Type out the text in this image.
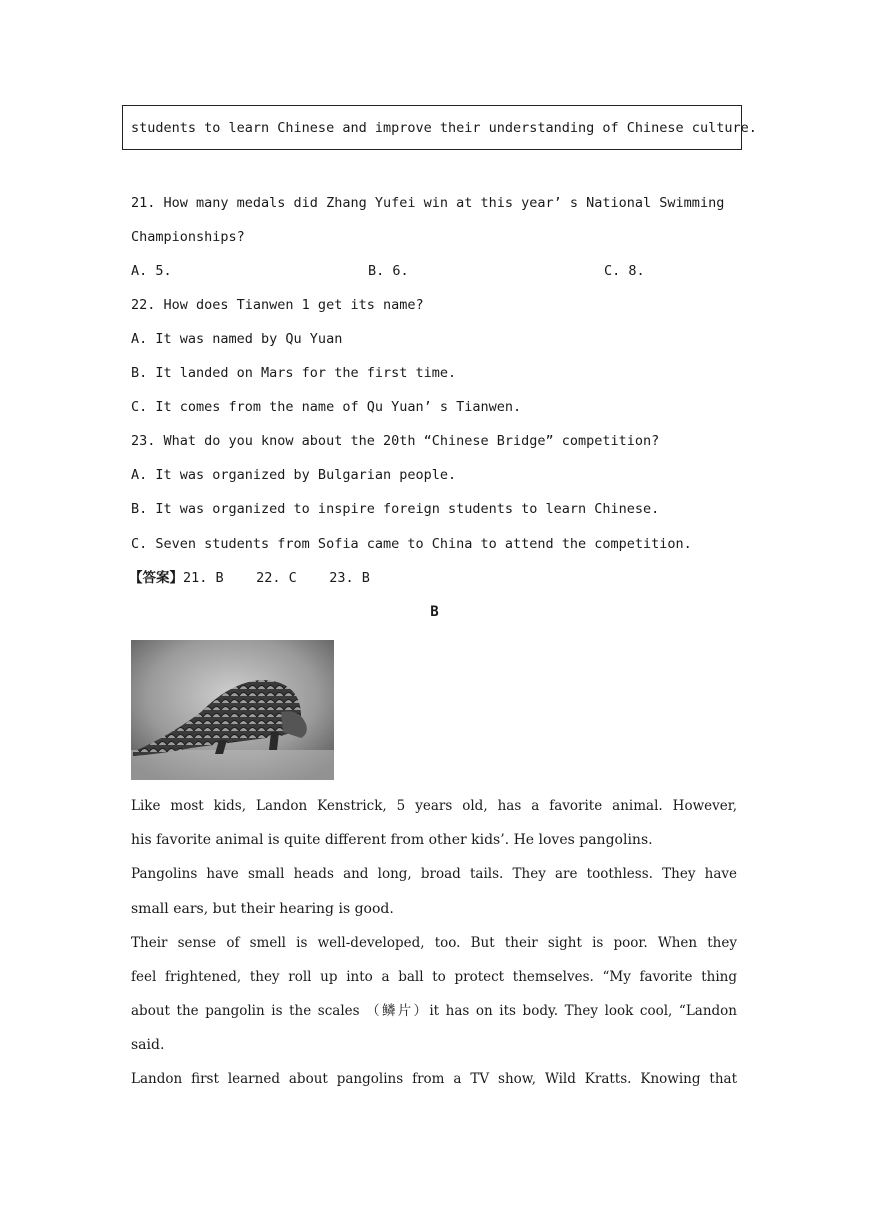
students to learn Chinese and improve their understanding of Chinese culture.
21. How many medals did Zhang Yufei win at this year’ s National Swimming
Championships?
A. 5.	B. 6.	C. 8.
22. How does Tianwen 1 get its name?
A. It was named by Qu Yuan
B. It landed on Mars for the first time.
C. It comes from the name of Qu Yuan’ s Tianwen.
23. What do you know about the 20th “Chinese Bridge” competition?
A. It was organized by Bulgarian people.
B. It was organized to inspire foreign students to learn Chinese.
C. Seven students from Sofia came to China to attend the competition.
【答案】21. B    22. C    23. B
B
Like most kids, Landon Kenstrick, 5 years old, has a favorite animal. However,
his favorite animal is quite different from other kids’. He loves pangolins.
Pangolins have small heads and long, broad tails. They are toothless. They have
small ears, but their hearing is good.
Their sense of smell is well-developed, too. But their sight is poor. When they
feel frightened, they roll up into a ball to protect themselves. “My favorite thing
about the pangolin is the scales （鳞片）it has on its body. They look cool, “Landon
said.
Landon first learned about pangolins from a TV show, Wild Kratts. Knowing that
